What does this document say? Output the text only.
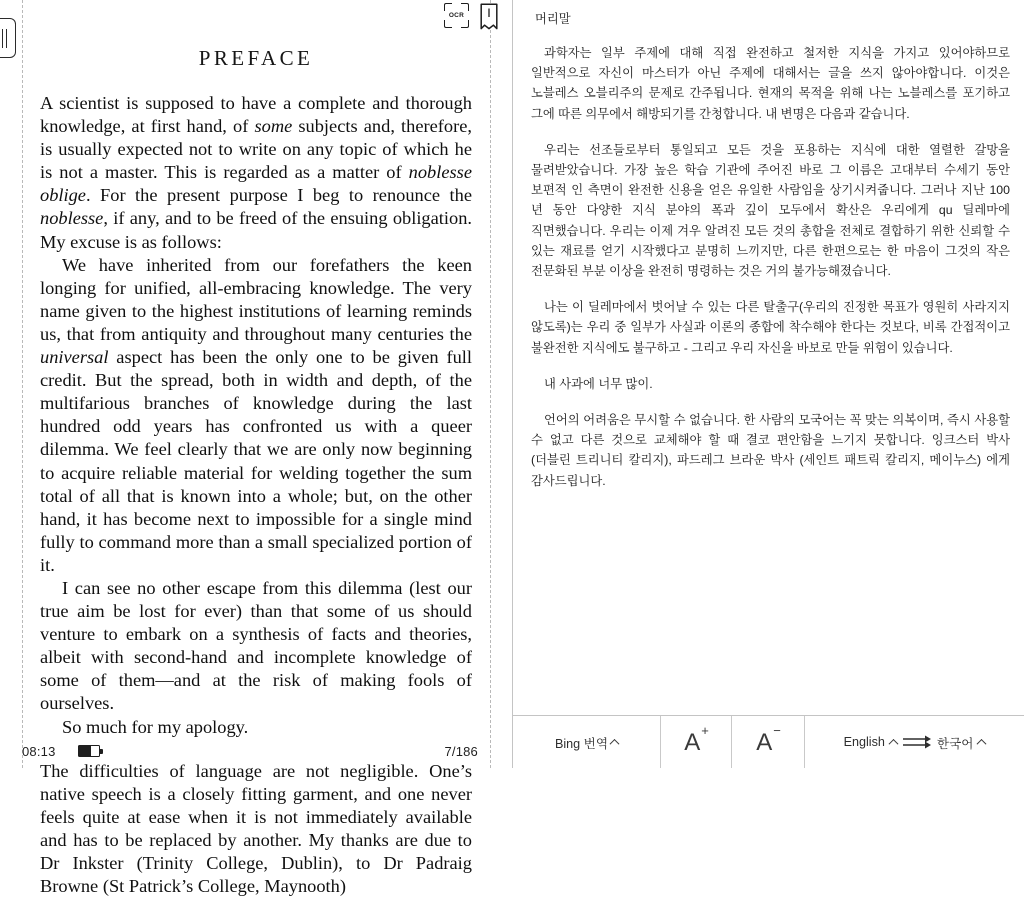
OCR
PREFACE
A scientist is supposed to have a complete and thorough knowledge, at first hand, of some subjects and, therefore, is usually expected not to write on any topic of which he is not a master. This is regarded as a matter of noblesse oblige. For the present purpose I beg to renounce the noblesse, if any, and to be freed of the ensuing obligation. My excuse is as follows:
We have inherited from our forefathers the keen longing for unified, all-embracing knowledge. The very name given to the highest institutions of learning reminds us, that from antiquity and throughout many centuries the universal aspect has been the only one to be given full credit. But the spread, both in width and depth, of the multifarious branches of knowledge during the last hundred odd years has confronted us with a queer dilemma. We feel clearly that we are only now beginning to acquire reliable material for welding together the sum total of all that is known into a whole; but, on the other hand, it has become next to impossible for a single mind fully to command more than a small specialized portion of it.
I can see no other escape from this dilemma (lest our true aim be lost for ever) than that some of us should venture to embark on a synthesis of facts and theories, albeit with second-hand and incomplete knowledge of some of them—and at the risk of making fools of ourselves.
So much for my apology.
The difficulties of language are not negligible. One’s native speech is a closely fitting garment, and one never feels quite at ease when it is not immediately available and has to be replaced by another. My thanks are due to Dr Inkster (Trinity College, Dublin), to Dr Padraig Browne (St Patrick’s College, Maynooth)
08:13	7/186
머리말

과학자는 일부 주제에 대해 직접 완전하고 철저한 지식을 가지고 있어야하므로 일반적으로 자신이 마스터가 아닌 주제에 대해서는 글을 쓰지 않아야합니다. 이것은 노블레스 오블리주의 문제로 간주됩니다. 현재의 목적을 위해 나는 노블레스를 포기하고 그에 따른 의무에서 해방되기를 간청합니다. 내 변명은 다음과 같습니다.

우리는 선조들로부터 통일되고 모든 것을 포용하는 지식에 대한 열렬한 갈망을 물려받았습니다. 가장 높은 학습 기관에 주어진 바로 그 이름은 고대부터 수세기 동안 보편적 인 측면이 완전한 신용을 얻은 유일한 사람임을 상기시켜줍니다. 그러나 지난 100 년 동안 다양한 지식 분야의 폭과 깊이 모두에서 확산은 우리에게 qu 딜레마에 직면했습니다. 우리는 이제 겨우 알려진 모든 것의 총합을 전체로 결합하기 위한 신뢰할 수 있는 재료를 얻기 시작했다고 분명히 느끼지만, 다른 한편으로는 한 마음이 그것의 작은 전문화된 부분 이상을 완전히 명령하는 것은 거의 불가능해졌습니다.

나는 이 딜레마에서 벗어날 수 있는 다른 탈출구(우리의 진정한 목표가 영원히 사라지지 않도록)는 우리 중 일부가 사실과 이론의 종합에 착수해야 한다는 것보다, 비록 간접적이고 불완전한 지식에도 불구하고 - 그리고 우리 자신을 바보로 만들 위험이 있습니다.

내 사과에 너무 많이.

언어의 어려움은 무시할 수 없습니다. 한 사람의 모국어는 꼭 맞는 의복이며, 즉시 사용할 수 없고 다른 것으로 교체해야 할 때 결코 편안함을 느기지 못합니다. 잉크스터 박사 (더블린 트리니티 칼리지), 파드레그 브라운 박사 (세인트 패트릭 칼리지, 메이누스) 에게 감사드립니다.

Bing 번역	A+ A−
English	한국어
